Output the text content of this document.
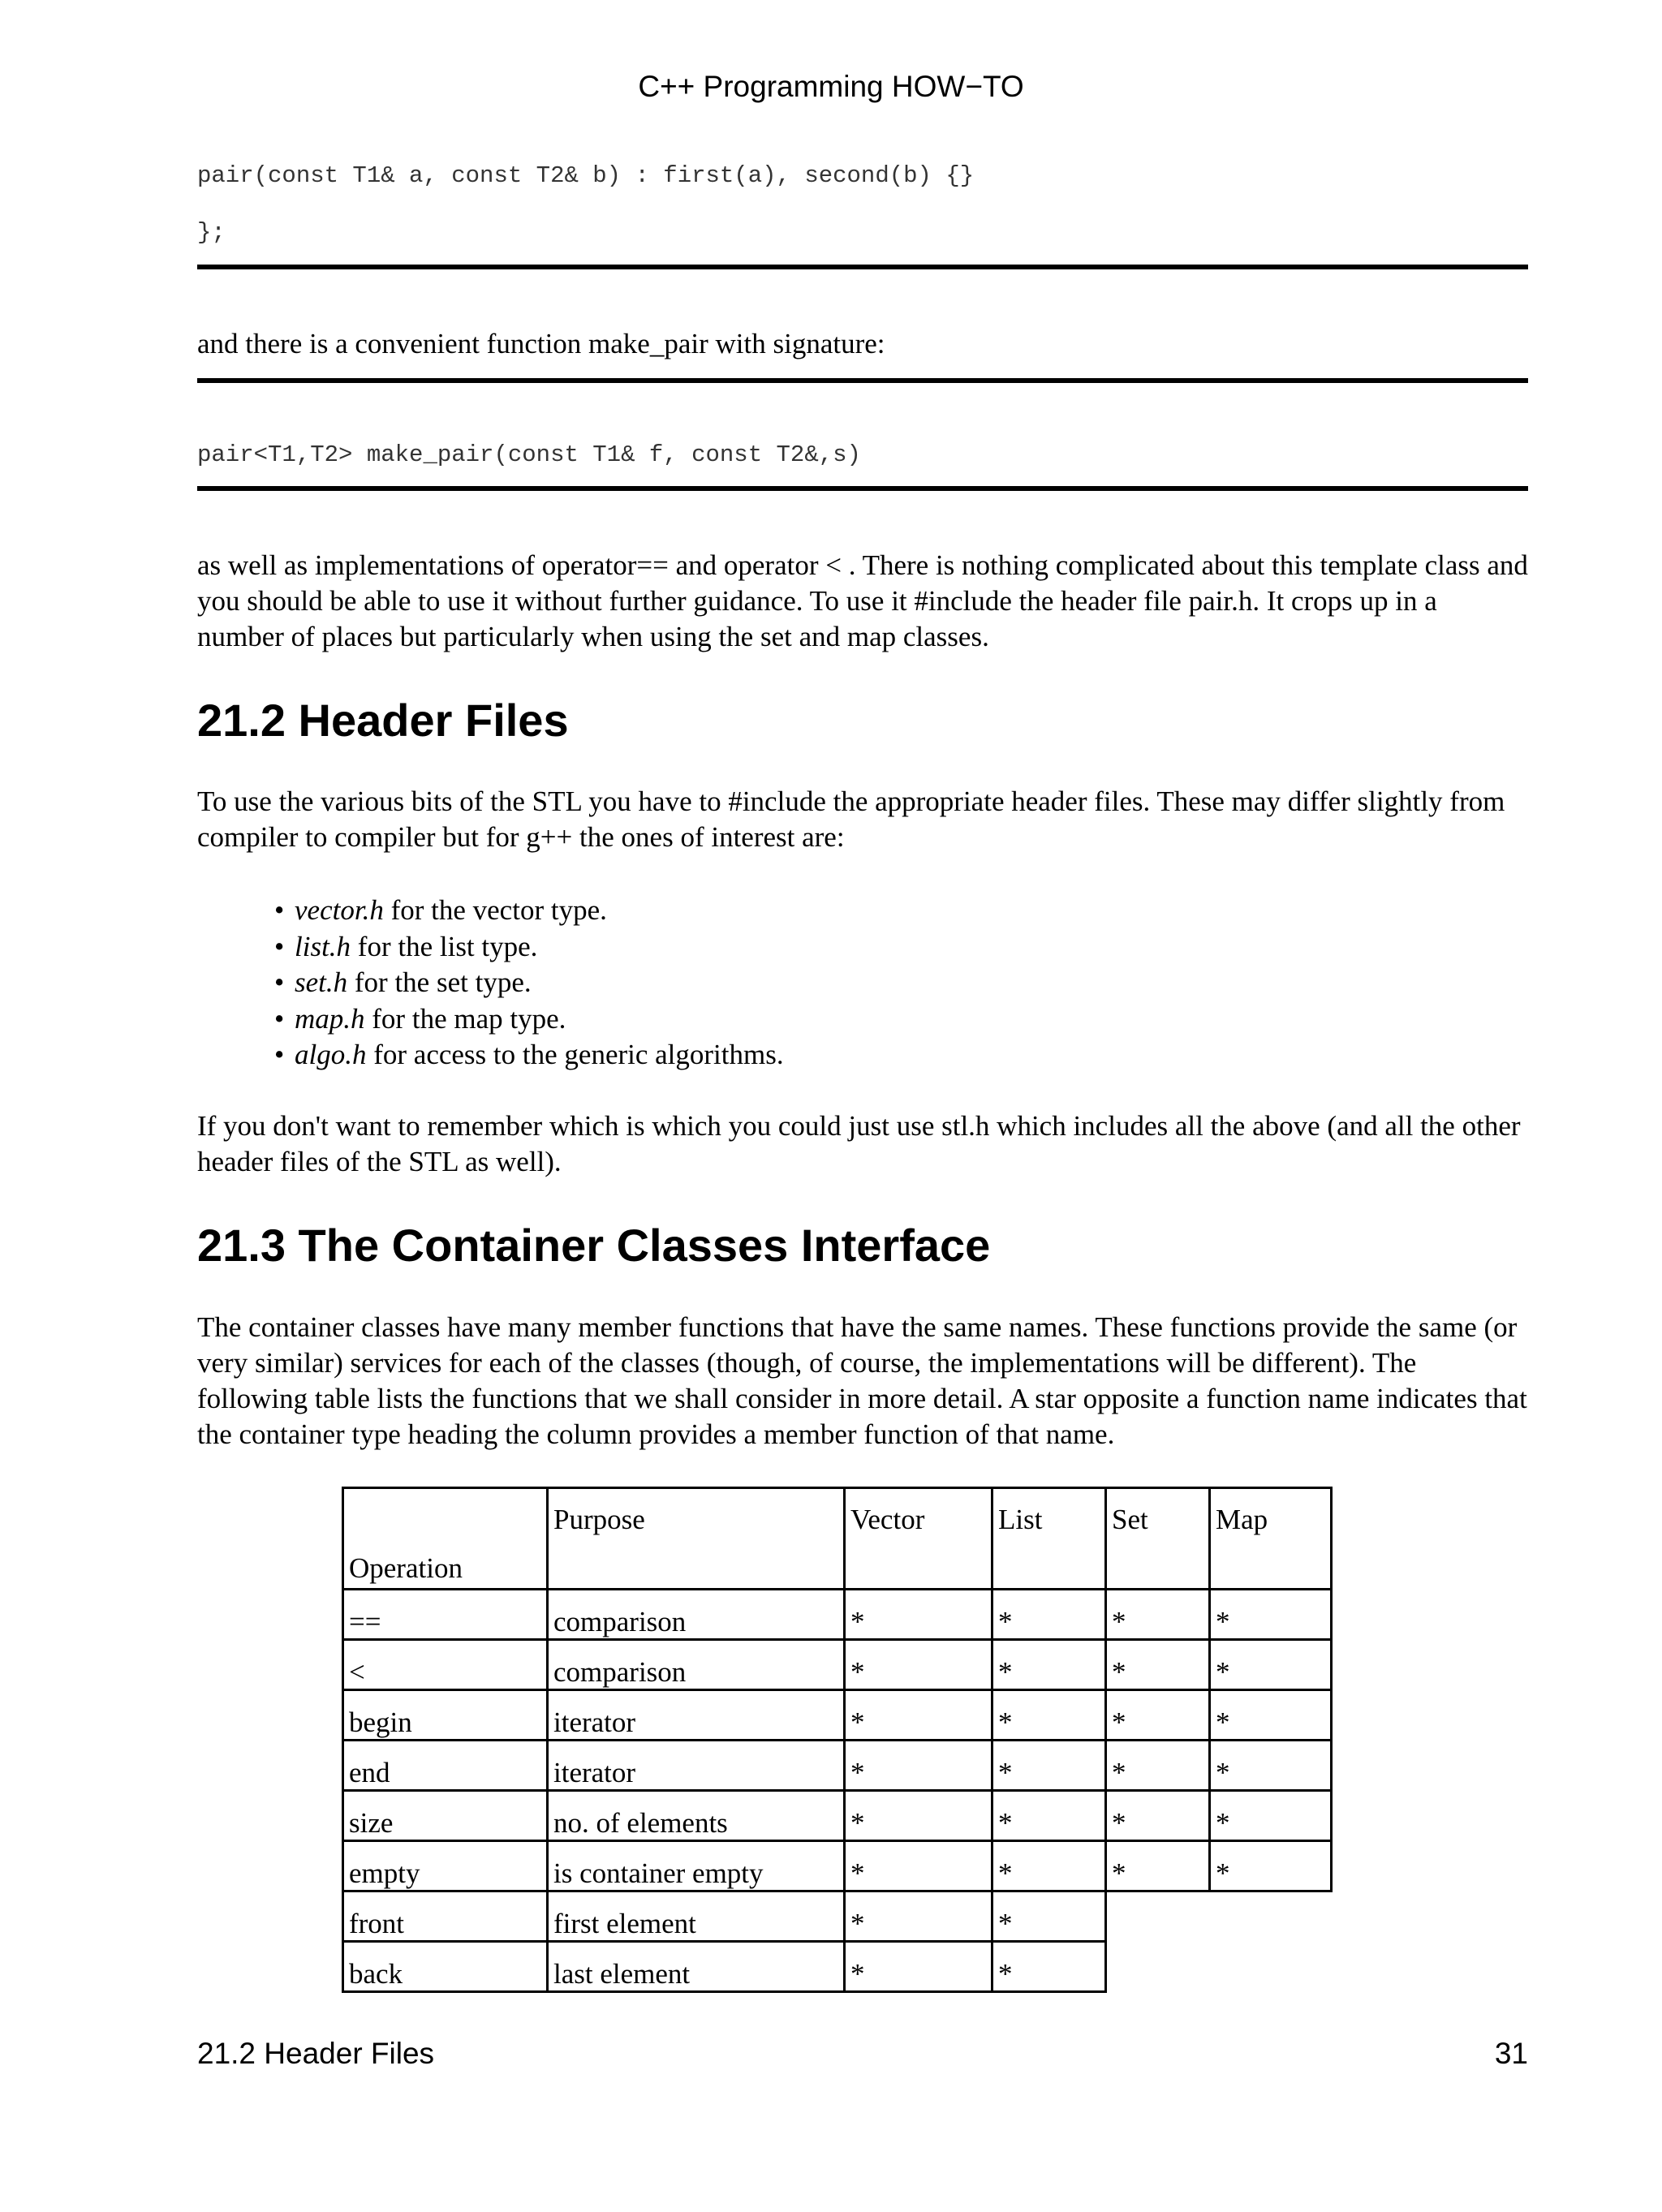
C++ Programming HOW−TO
pair(const T1& a, const T2& b) : first(a), second(b) {}
};

and there is a convenient function make_pair with signature:

pair<T1,T2> make_pair(const T1& f, const T2&,s)

as well as implementations of operator== and operator < . There is nothing complicated about this template class and you should be able to use it without further guidance. To use it #include the header file pair.h. It crops up in a number of places but particularly when using the set and map classes.

21.2 Header Files

To use the various bits of the STL you have to #include the appropriate header files. These may differ slightly from compiler to compiler but for g++ the ones of interest are:

• vector.h for the vector type.
• list.h for the list type.
• set.h for the set type.
• map.h for the map type.
• algo.h for access to the generic algorithms.

If you don't want to remember which is which you could just use stl.h which includes all the above (and all the other header files of the STL as well).

21.3 The Container Classes Interface

The container classes have many member functions that have the same names. These functions provide the same (or very similar) services for each of the classes (though, of course, the implementations will be different). The following table lists the functions that we shall consider in more detail. A star opposite a function name indicates that the container type heading the column provides a member function of that name.

Operation	Purpose	Vector	List	Set	Map
==	comparison	*	*	*	*
<	comparison	*	*	*	*
begin	iterator	*	*	*	*
end	iterator	*	*	*	*
size	no. of elements	*	*	*	*
empty	is container empty	*	*	*	*
front	first element	*	*		
back	last element	*	*		
21.2 Header Files	31
